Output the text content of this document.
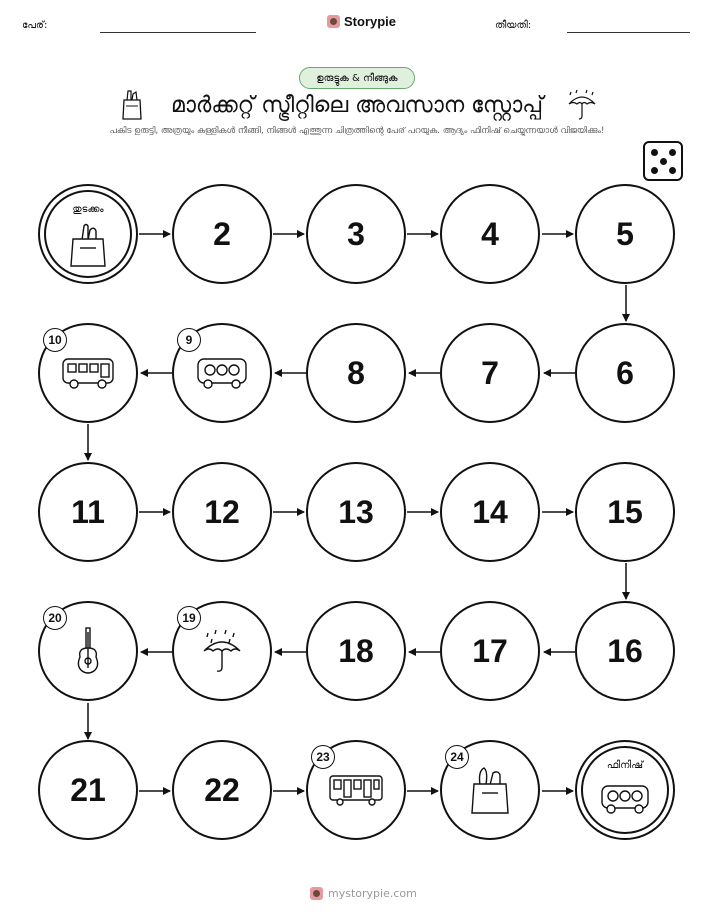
പേര്:	Storypie	തീയതി:
ഉരുട്ടുക & നീങ്ങുക
മാർക്കറ്റ് സ്ട്രീറ്റിലെ അവസാന സ്റ്റോപ്പ്
പകിട ഉരുട്ടി, അത്രയും കള്ളികൾ നീങ്ങി, നിങ്ങൾ എത്തുന്ന ചിത്രത്തിന്റെ പേര് പറയുക. ആദ്യം ഫിനിഷ് ചെയ്യുന്നയാൾ വിജയിക്കും!
തുടക്കം
2	3	4	5
10	9
8	7	6
11	12	13	14	15
20	19
18	17	16
21	22
23	24
ഫിനിഷ്
mystorypie.com
